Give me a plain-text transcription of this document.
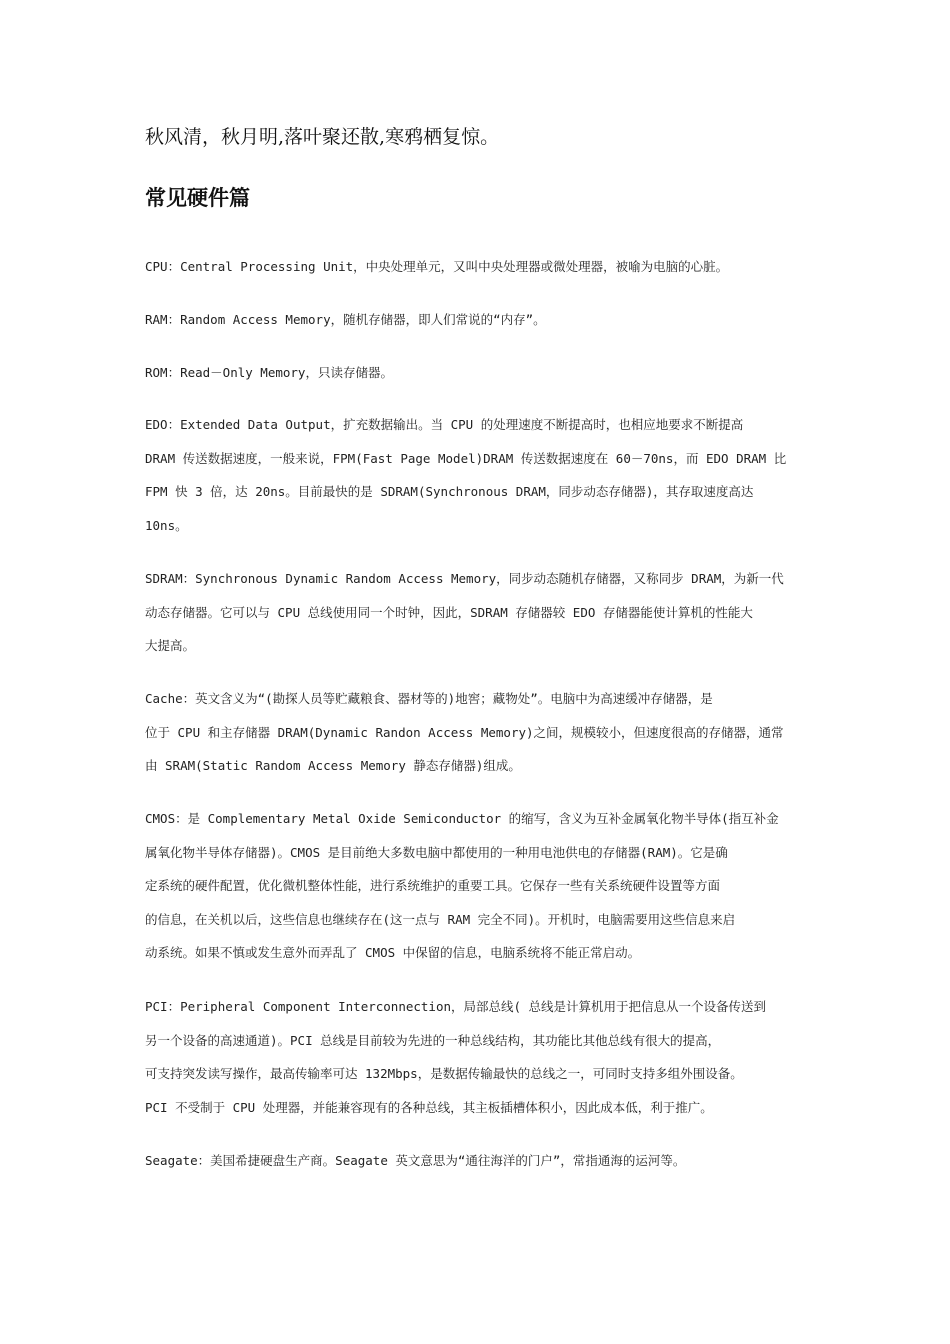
秋风清，秋月明,落叶聚还散,寒鸦栖复惊。
常见硬件篇
CPU：Central Processing Unit，中央处理单元，又叫中央处理器或微处理器，被喻为电脑的心脏。
RAM：Random Access Memory，随机存储器，即人们常说的“内存”。
ROM：Read－Only Memory，只读存储器。
EDO：Extended Data Output，扩充数据输出。当 CPU 的处理速度不断提高时，也相应地要求不断提高
DRAM 传送数据速度，一般来说，FPM(Fast Page Model)DRAM 传送数据速度在 60－70ns，而 EDO DRAM 比
FPM 快 3 倍，达 20ns。目前最快的是 SDRAM(Synchronous DRAM，同步动态存储器)，其存取速度高达
10ns。
SDRAM：Synchronous Dynamic Random Access Memory，同步动态随机存储器，又称同步 DRAM，为新一代
动态存储器。它可以与 CPU 总线使用同一个时钟，因此，SDRAM 存储器较 EDO 存储器能使计算机的性能大
大提高。
Cache：英文含义为“(勘探人员等贮藏粮食、器材等的)地窖；藏物处”。电脑中为高速缓冲存储器，是
位于 CPU 和主存储器 DRAM(Dynamic Randon Access Memory)之间，规模较小，但速度很高的存储器，通常
由 SRAM(Static Random Access Memory 静态存储器)组成。
CMOS：是 Complementary Metal Oxide Semiconductor 的缩写，含义为互补金属氧化物半导体(指互补金
属氧化物半导体存储器)。CMOS 是目前绝大多数电脑中都使用的一种用电池供电的存储器(RAM)。它是确
定系统的硬件配置，优化微机整体性能，进行系统维护的重要工具。它保存一些有关系统硬件设置等方面
的信息，在关机以后，这些信息也继续存在(这一点与 RAM 完全不同)。开机时，电脑需要用这些信息来启
动系统。如果不慎或发生意外而弄乱了 CMOS 中保留的信息，电脑系统将不能正常启动。
PCI：Peripheral Component Interconnection，局部总线( 总线是计算机用于把信息从一个设备传送到
另一个设备的高速通道)。PCI 总线是目前较为先进的一种总线结构，其功能比其他总线有很大的提高，
可支持突发读写操作，最高传输率可达 132Mbps，是数据传输最快的总线之一，可同时支持多组外围设备。
PCI 不受制于 CPU 处理器，并能兼容现有的各种总线，其主板插槽体积小，因此成本低，利于推广。
Seagate：美国希捷硬盘生产商。Seagate 英文意思为“通往海洋的门户”，常指通海的运河等。
